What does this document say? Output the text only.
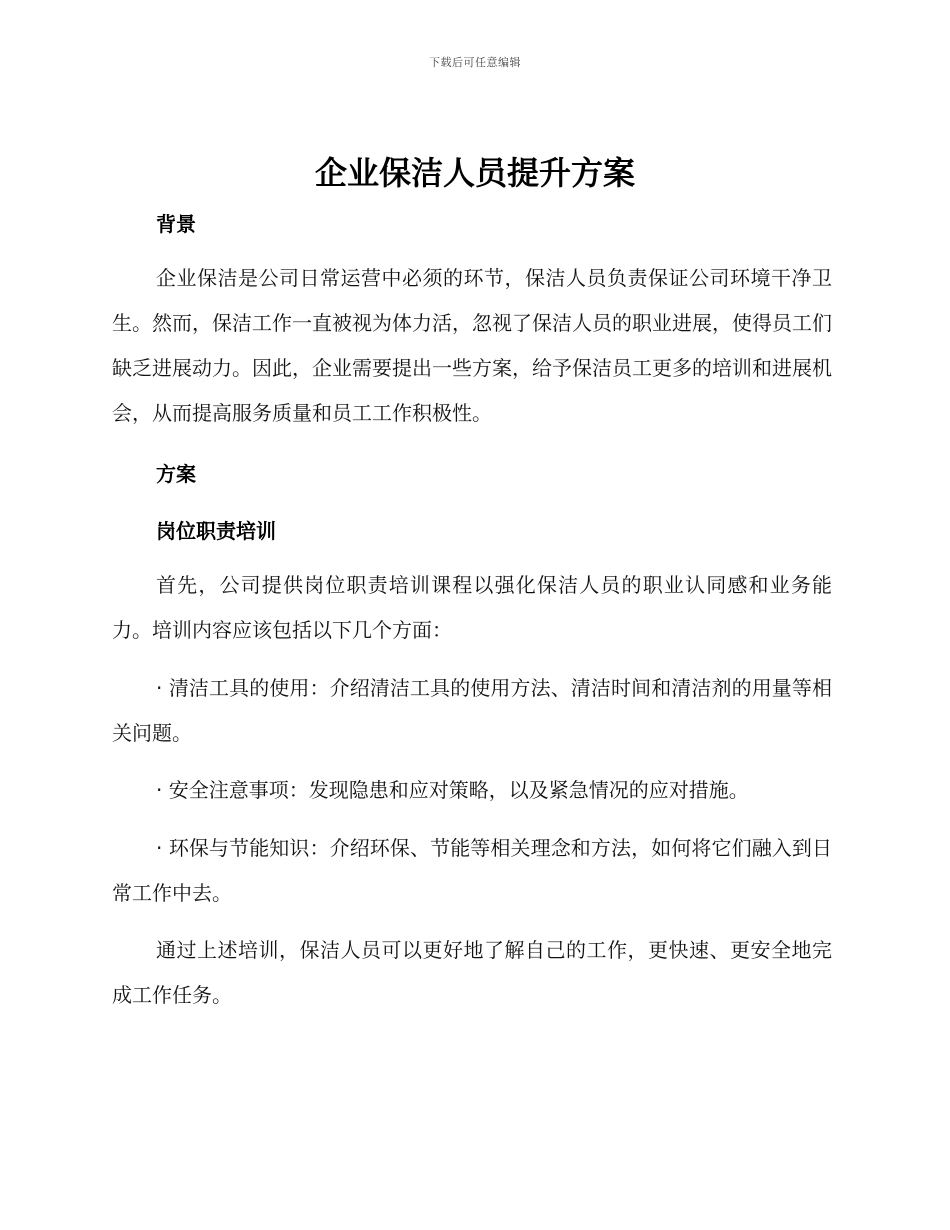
下载后可任意编辑
企业保洁人员提升方案
背景

企业保洁是公司日常运营中必须的环节，保洁人员负责保证公司环境干净卫生。然而，保洁工作一直被视为体力活，忽视了保洁人员的职业进展，使得员工们缺乏进展动力。因此，企业需要提出一些方案，给予保洁员工更多的培训和进展机会，从而提高服务质量和员工工作积极性。

方案
岗位职责培训

首先，公司提供岗位职责培训课程以强化保洁人员的职业认同感和业务能力。培训内容应该包括以下几个方面：

· 清洁工具的使用：介绍清洁工具的使用方法、清洁时间和清洁剂的用量等相关问题。

· 安全注意事项：发现隐患和应对策略，以及紧急情况的应对措施。

· 环保与节能知识：介绍环保、节能等相关理念和方法，如何将它们融入到日常工作中去。

通过上述培训，保洁人员可以更好地了解自己的工作，更快速、更安全地完成工作任务。
